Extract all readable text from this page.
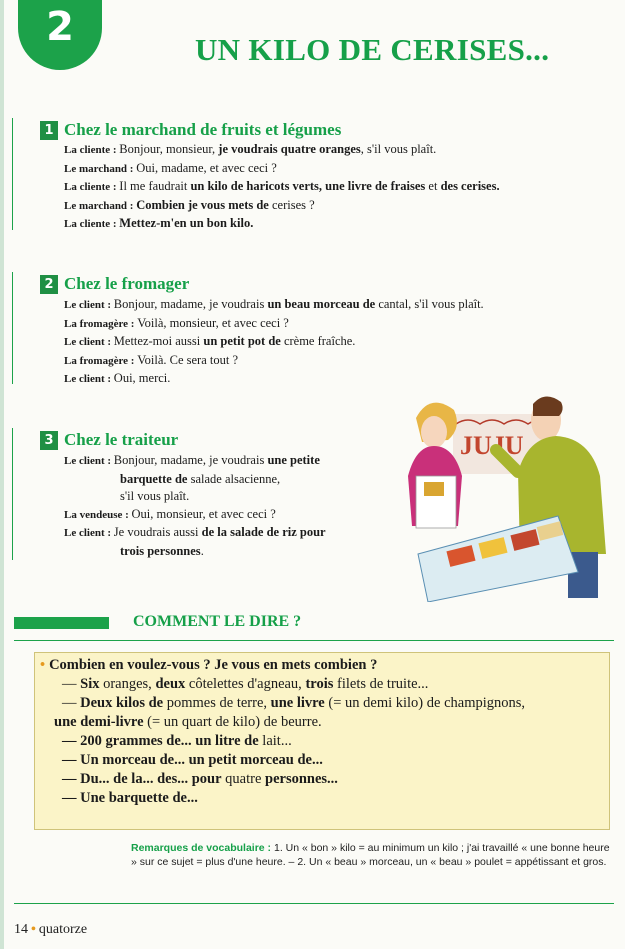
2	UN KILO DE CERISES...
1 Chez le marchand de fruits et légumes
La cliente : Bonjour, monsieur, je voudrais quatre oranges, s'il vous plaît.
Le marchand : Oui, madame, et avec ceci ?
La cliente : Il me faudrait un kilo de haricots verts, une livre de fraises et des cerises.
Le marchand : Combien je vous mets de cerises ?
La cliente : Mettez-m'en un bon kilo.
2 Chez le fromager
Le client : Bonjour, madame, je voudrais un beau morceau de cantal, s'il vous plaît.
La fromagère : Voilà, monsieur, et avec ceci ?
Le client : Mettez-moi aussi un petit pot de crème fraîche.
La fromagère : Voilà. Ce sera tout ?
Le client : Oui, merci.
3 Chez le traiteur
Le client : Bonjour, madame, je voudrais une petite
barquette de salade alsacienne,
s'il vous plaît.
La vendeuse : Oui, monsieur, et avec ceci ?
Le client : Je voudrais aussi de la salade de riz pour
trois personnes.
JUJU
COMMENT LE DIRE ?
• Combien en voulez-vous ? Je vous en mets combien ?
— Six oranges, deux côtelettes d'agneau, trois filets de truite...
— Deux kilos de pommes de terre, une livre (= un demi kilo) de champignons,
une demi-livre (= un quart de kilo) de beurre.
— 200 grammes de... un litre de lait...
— Un morceau de... un petit morceau de...
— Du... de la... des... pour quatre personnes...
— Une barquette de...
Remarques de vocabulaire : 1. Un « bon » kilo = au minimum un kilo ; j'ai travaillé « une bonne heure » sur ce sujet = plus d'une heure. – 2. Un « beau » morceau, un « beau » poulet = appétissant et gros.
14 • quatorze
